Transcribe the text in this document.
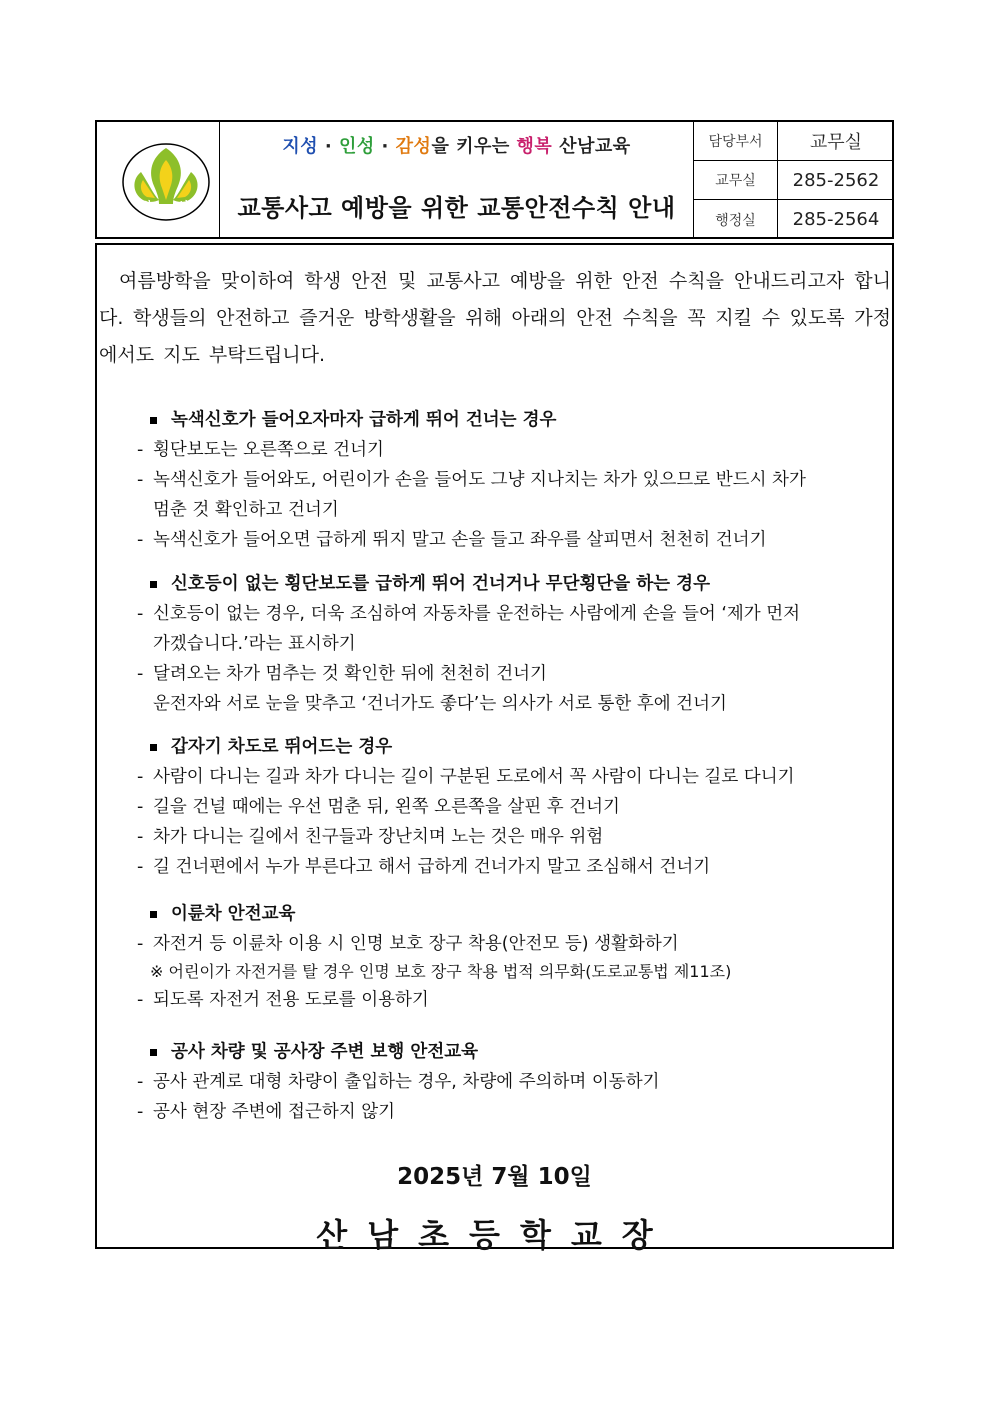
산	남
지성 · 인성 · 감성을 키우는 행복 산남교육
교통사고 예방을 위한 교통안전수칙 안내
담당부서	교무실
교무실	285-2562
행정실	285-2564
여름방학을 맞이하여 학생 안전 및 교통사고 예방을 위한 안전 수칙을 안내드리고자 합니다. 학생들의 안전하고 즐거운 방학생활을 위해 아래의 안전 수칙을 꼭 지킬 수 있도록 가정에서도 지도 부탁드립니다.
녹색신호가 들어오자마자 급하게 뛰어 건너는 경우
- 횡단보도는 오른쪽으로 건너기
- 녹색신호가 들어와도, 어린이가 손을 들어도 그냥 지나치는 차가 있으므로 반드시 차가
멈춘 것 확인하고 건너기
- 녹색신호가 들어오면 급하게 뛰지 말고 손을 들고 좌우를 살피면서 천천히 건너기
신호등이 없는 횡단보도를 급하게 뛰어 건너거나 무단횡단을 하는 경우
- 신호등이 없는 경우, 더욱 조심하여 자동차를 운전하는 사람에게 손을 들어 ‘제가 먼저
가겠습니다.’라는 표시하기
- 달려오는 차가 멈추는 것 확인한 뒤에 천천히 건너기
운전자와 서로 눈을 맞추고 ‘건너가도 좋다’는 의사가 서로 통한 후에 건너기
갑자기 차도로 뛰어드는 경우
- 사람이 다니는 길과 차가 다니는 길이 구분된 도로에서 꼭 사람이 다니는 길로 다니기
- 길을 건널 때에는 우선 멈춘 뒤, 왼쪽 오른쪽을 살핀 후 건너기
- 차가 다니는 길에서 친구들과 장난치며 노는 것은 매우 위험
- 길 건너편에서 누가 부른다고 해서 급하게 건너가지 말고 조심해서 건너기
이륜차 안전교육
- 자전거 등 이륜차 이용 시 인명 보호 장구 착용(안전모 등) 생활화하기
※ 어린이가 자전거를 탈 경우 인명 보호 장구 착용 법적 의무화(도로교통법 제11조)
- 되도록 자전거 전용 도로를 이용하기
공사 차량 및 공사장 주변 보행 안전교육
- 공사 관계로 대형 차량이 출입하는 경우, 차량에 주의하며 이동하기
- 공사 현장 주변에 접근하지 않기
2025년 7월 10일
산남초등학교장
